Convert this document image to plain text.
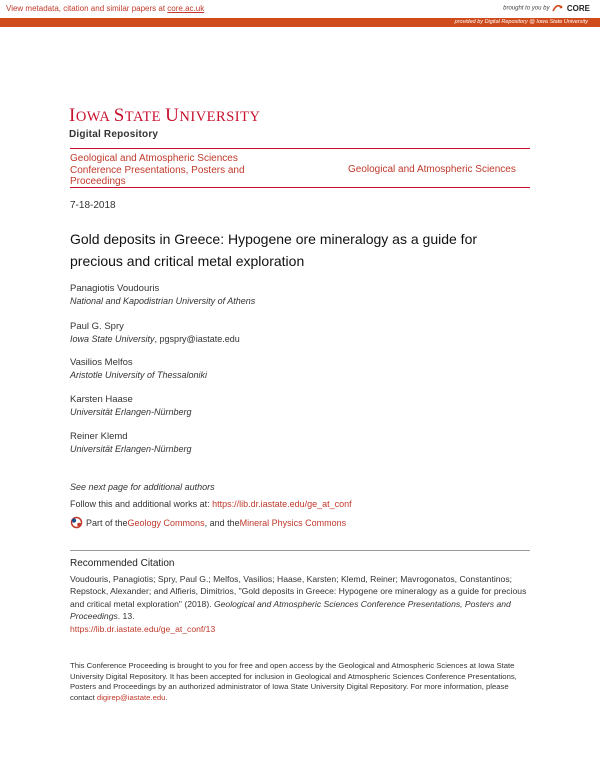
View metadata, citation and similar papers at core.ac.uk	brought to you by CORE
provided by Digital Repository @ Iowa State University
IOWA STATE UNIVERSITY
Digital Repository
Geological and Atmospheric Sciences
Conference Presentations, Posters and Proceedings
Geological and Atmospheric Sciences
7-18-2018
Gold deposits in Greece: Hypogene ore mineralogy as a guide for precious and critical metal exploration
Panagiotis Voudouris
National and Kapodistrian University of Athens
Paul G. Spry
Iowa State University, pgspry@iastate.edu
Vasilios Melfos
Aristotle University of Thessaloniki
Karsten Haase
Universität Erlangen-Nürnberg
Reiner Klemd
Universität Erlangen-Nürnberg
See next page for additional authors
Follow this and additional works at: https://lib.dr.iastate.edu/ge_at_conf
Part of the Geology Commons , and the Mineral Physics Commons
Recommended Citation
Voudouris, Panagiotis; Spry, Paul G.; Melfos, Vasilios; Haase, Karsten; Klemd, Reiner; Mavrogonatos, Constantinos; Repstock, Alexander; and Alfieris, Dimitrios, "Gold deposits in Greece: Hypogene ore mineralogy as a guide for precious and critical metal exploration" (2018). Geological and Atmospheric Sciences Conference Presentations, Posters and Proceedings. 13.
https://lib.dr.iastate.edu/ge_at_conf/13
This Conference Proceeding is brought to you for free and open access by the Geological and Atmospheric Sciences at Iowa State University Digital Repository. It has been accepted for inclusion in Geological and Atmospheric Sciences Conference Presentations, Posters and Proceedings by an authorized administrator of Iowa State University Digital Repository. For more information, please contact digirep@iastate.edu.
